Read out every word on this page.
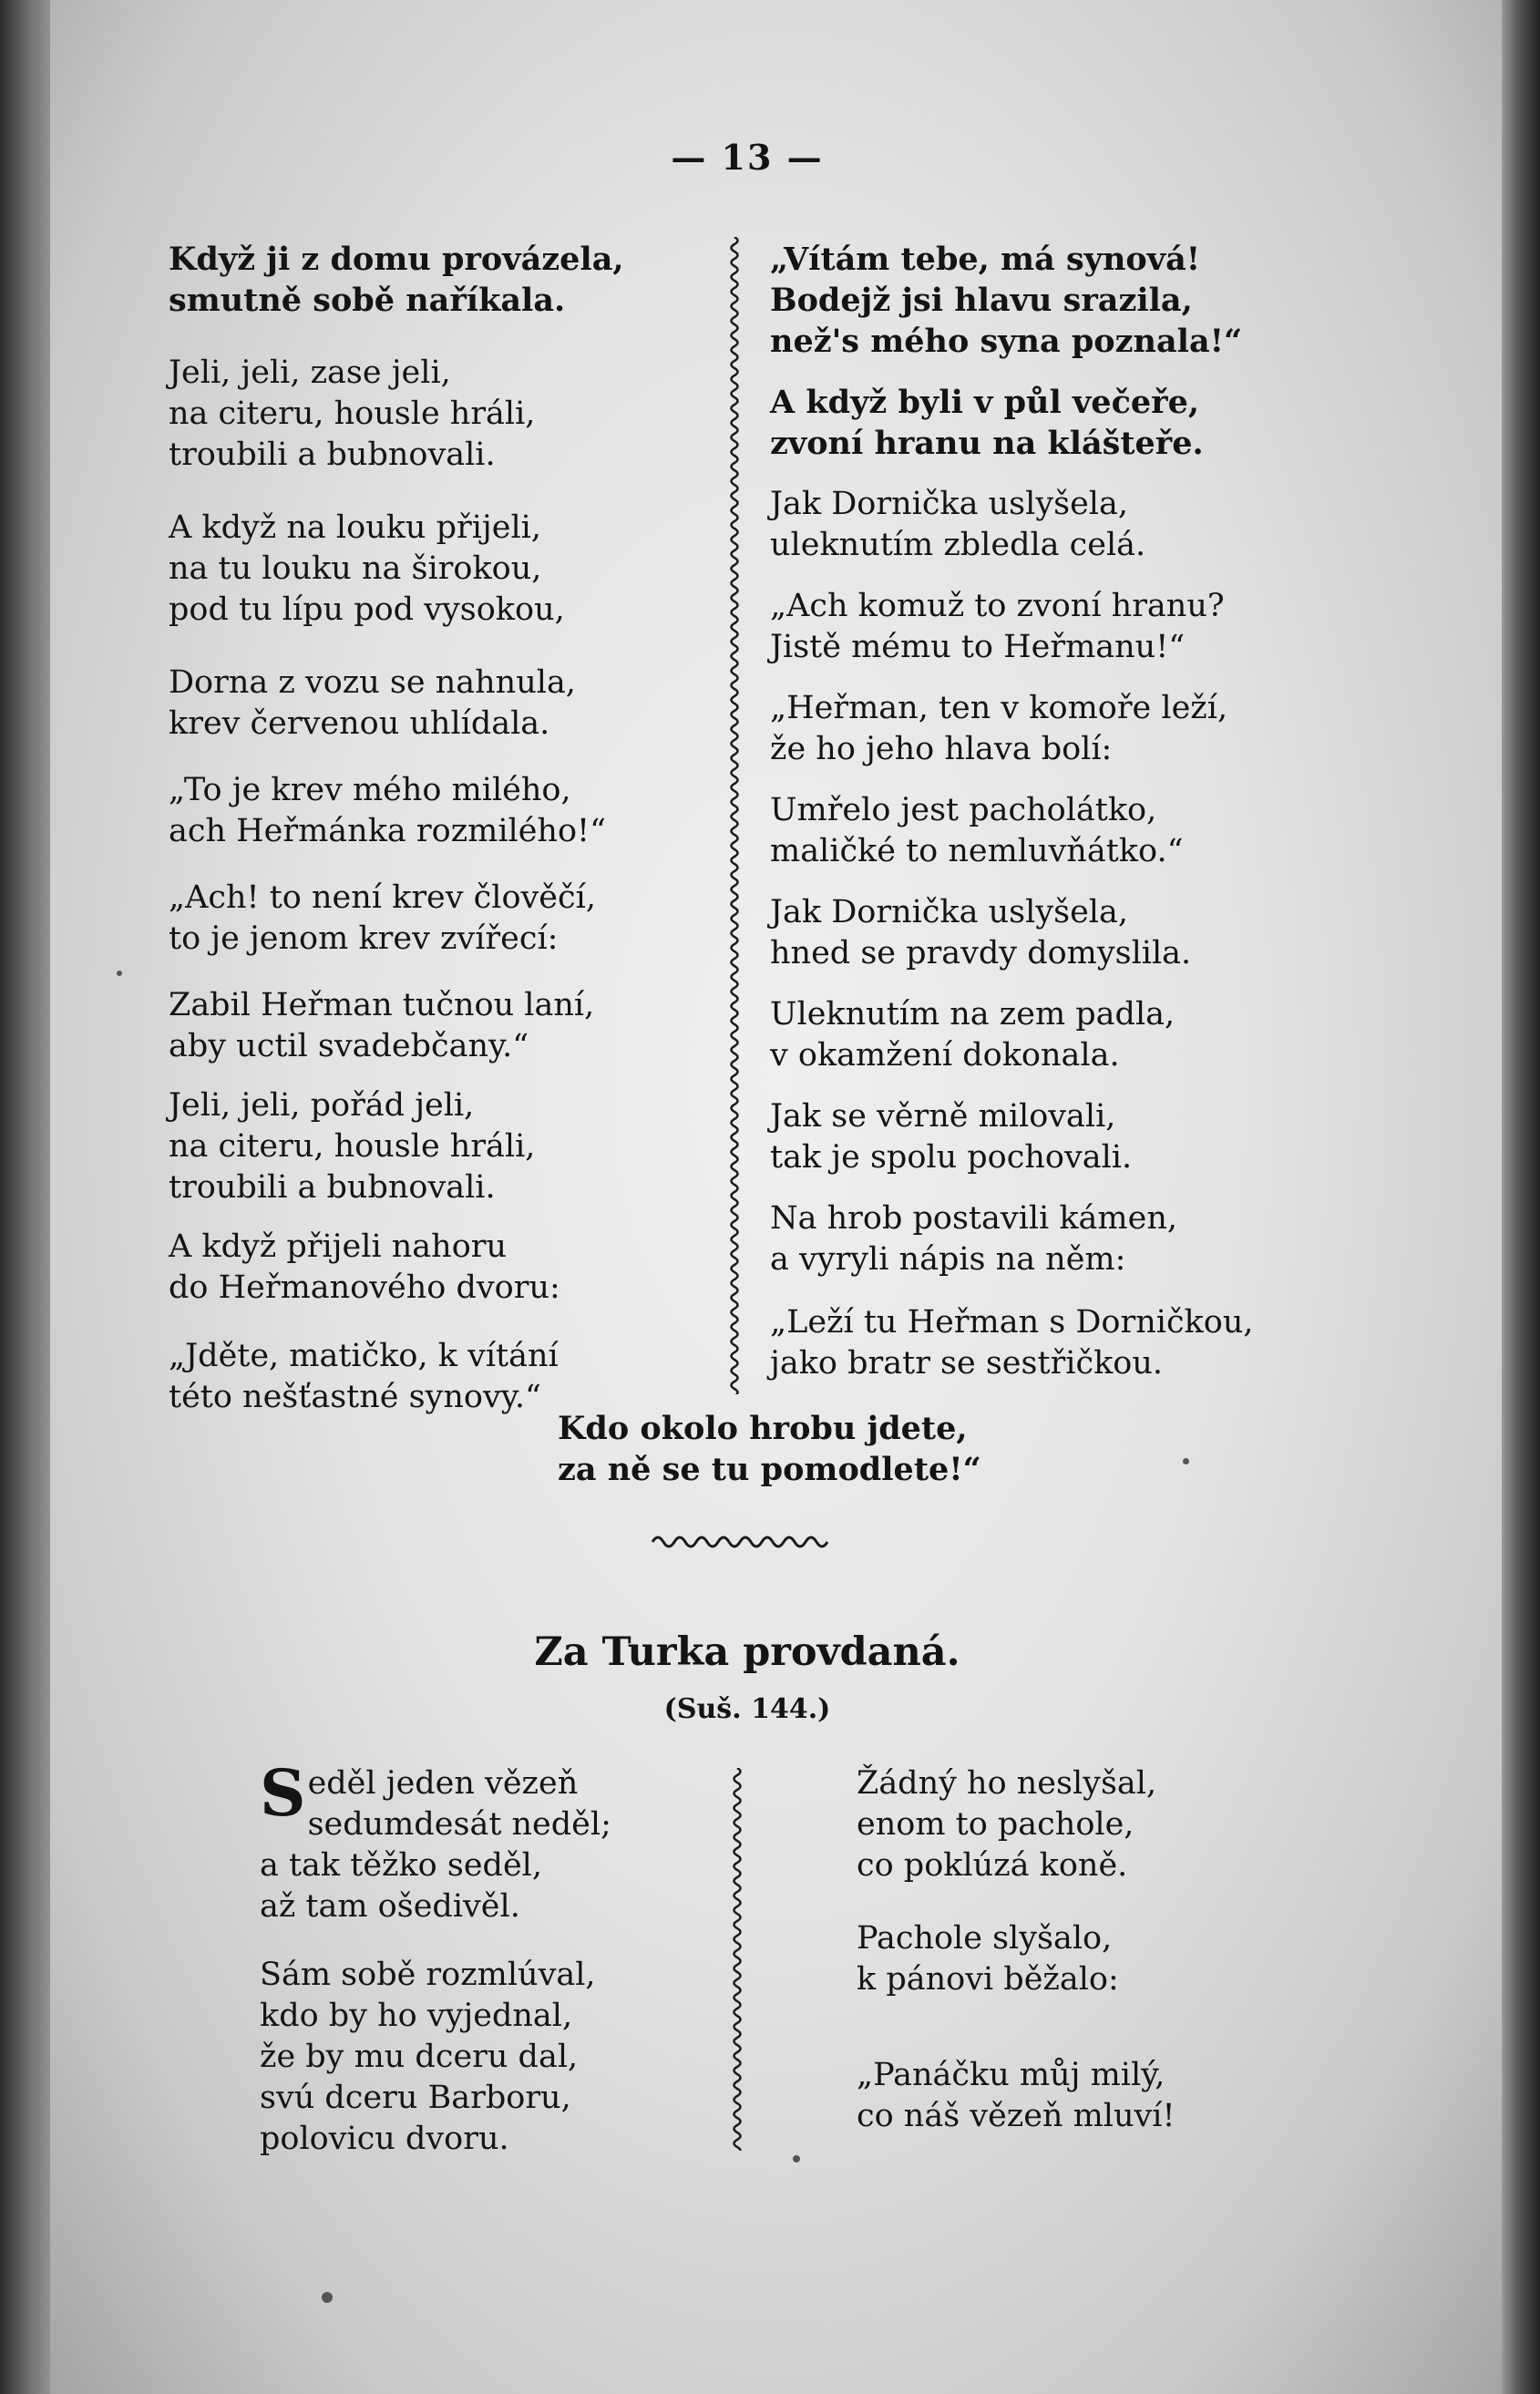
— 13 —
Když ji z domu provázela,
smutně sobě naříkala.
Jeli, jeli, zase jeli,
na citeru, housle hráli,
troubili a bubnovali.
A když na louku přijeli,
na tu louku na širokou,
pod tu lípu pod vysokou,
Dorna z vozu se nahnula,
krev červenou uhlídala.
„To je krev mého milého,
ach Heřmánka rozmilého!“
„Ach! to není krev člověčí,
to je jenom krev zvířecí:
Zabil Heřman tučnou laní,
aby uctil svadebčany.“
Jeli, jeli, pořád jeli,
na citeru, housle hráli,
troubili a bubnovali.
A když přijeli nahoru
do Heřmanového dvoru:
„Jděte, matičko, k vítání
této nešťastné synovy.“
„Vítám tebe, má synová!
Bodejž jsi hlavu srazila,
než's mého syna poznala!“
A když byli v půl večeře,
zvoní hranu na klášteře.
Jak Dornička uslyšela,
uleknutím zbledla celá.
„Ach komuž to zvoní hranu?
Jistě mému to Heřmanu!“
„Heřman, ten v komoře leží,
že ho jeho hlava bolí:
Umřelo jest pacholátko,
maličké to nemluvňátko.“
Jak Dornička uslyšela,
hned se pravdy domyslila.
Uleknutím na zem padla,
v okamžení dokonala.
Jak se věrně milovali,
tak je spolu pochovali.
Na hrob postavili kámen,
a vyryli nápis na něm:
„Leží tu Heřman s Dorničkou,
jako bratr se sestřičkou.
Kdo okolo hrobu jdete,
za ně se tu pomodlete!“
Za Turka provdaná.
(Suš. 144.)
S eděl jeden vězeň
sedumdesát neděl;
a tak těžko seděl,
až tam ošedivěl.
Sám sobě rozmlúval,
kdo by ho vyjednal,
že by mu dceru dal,
svú dceru Barboru,
polovicu dvoru.
Žádný ho neslyšal,
enom to pachole,
co poklúzá koně.
Pachole slyšalo,
k pánovi běžalo:
„Panáčku můj milý,
co náš vězeň mluví!
